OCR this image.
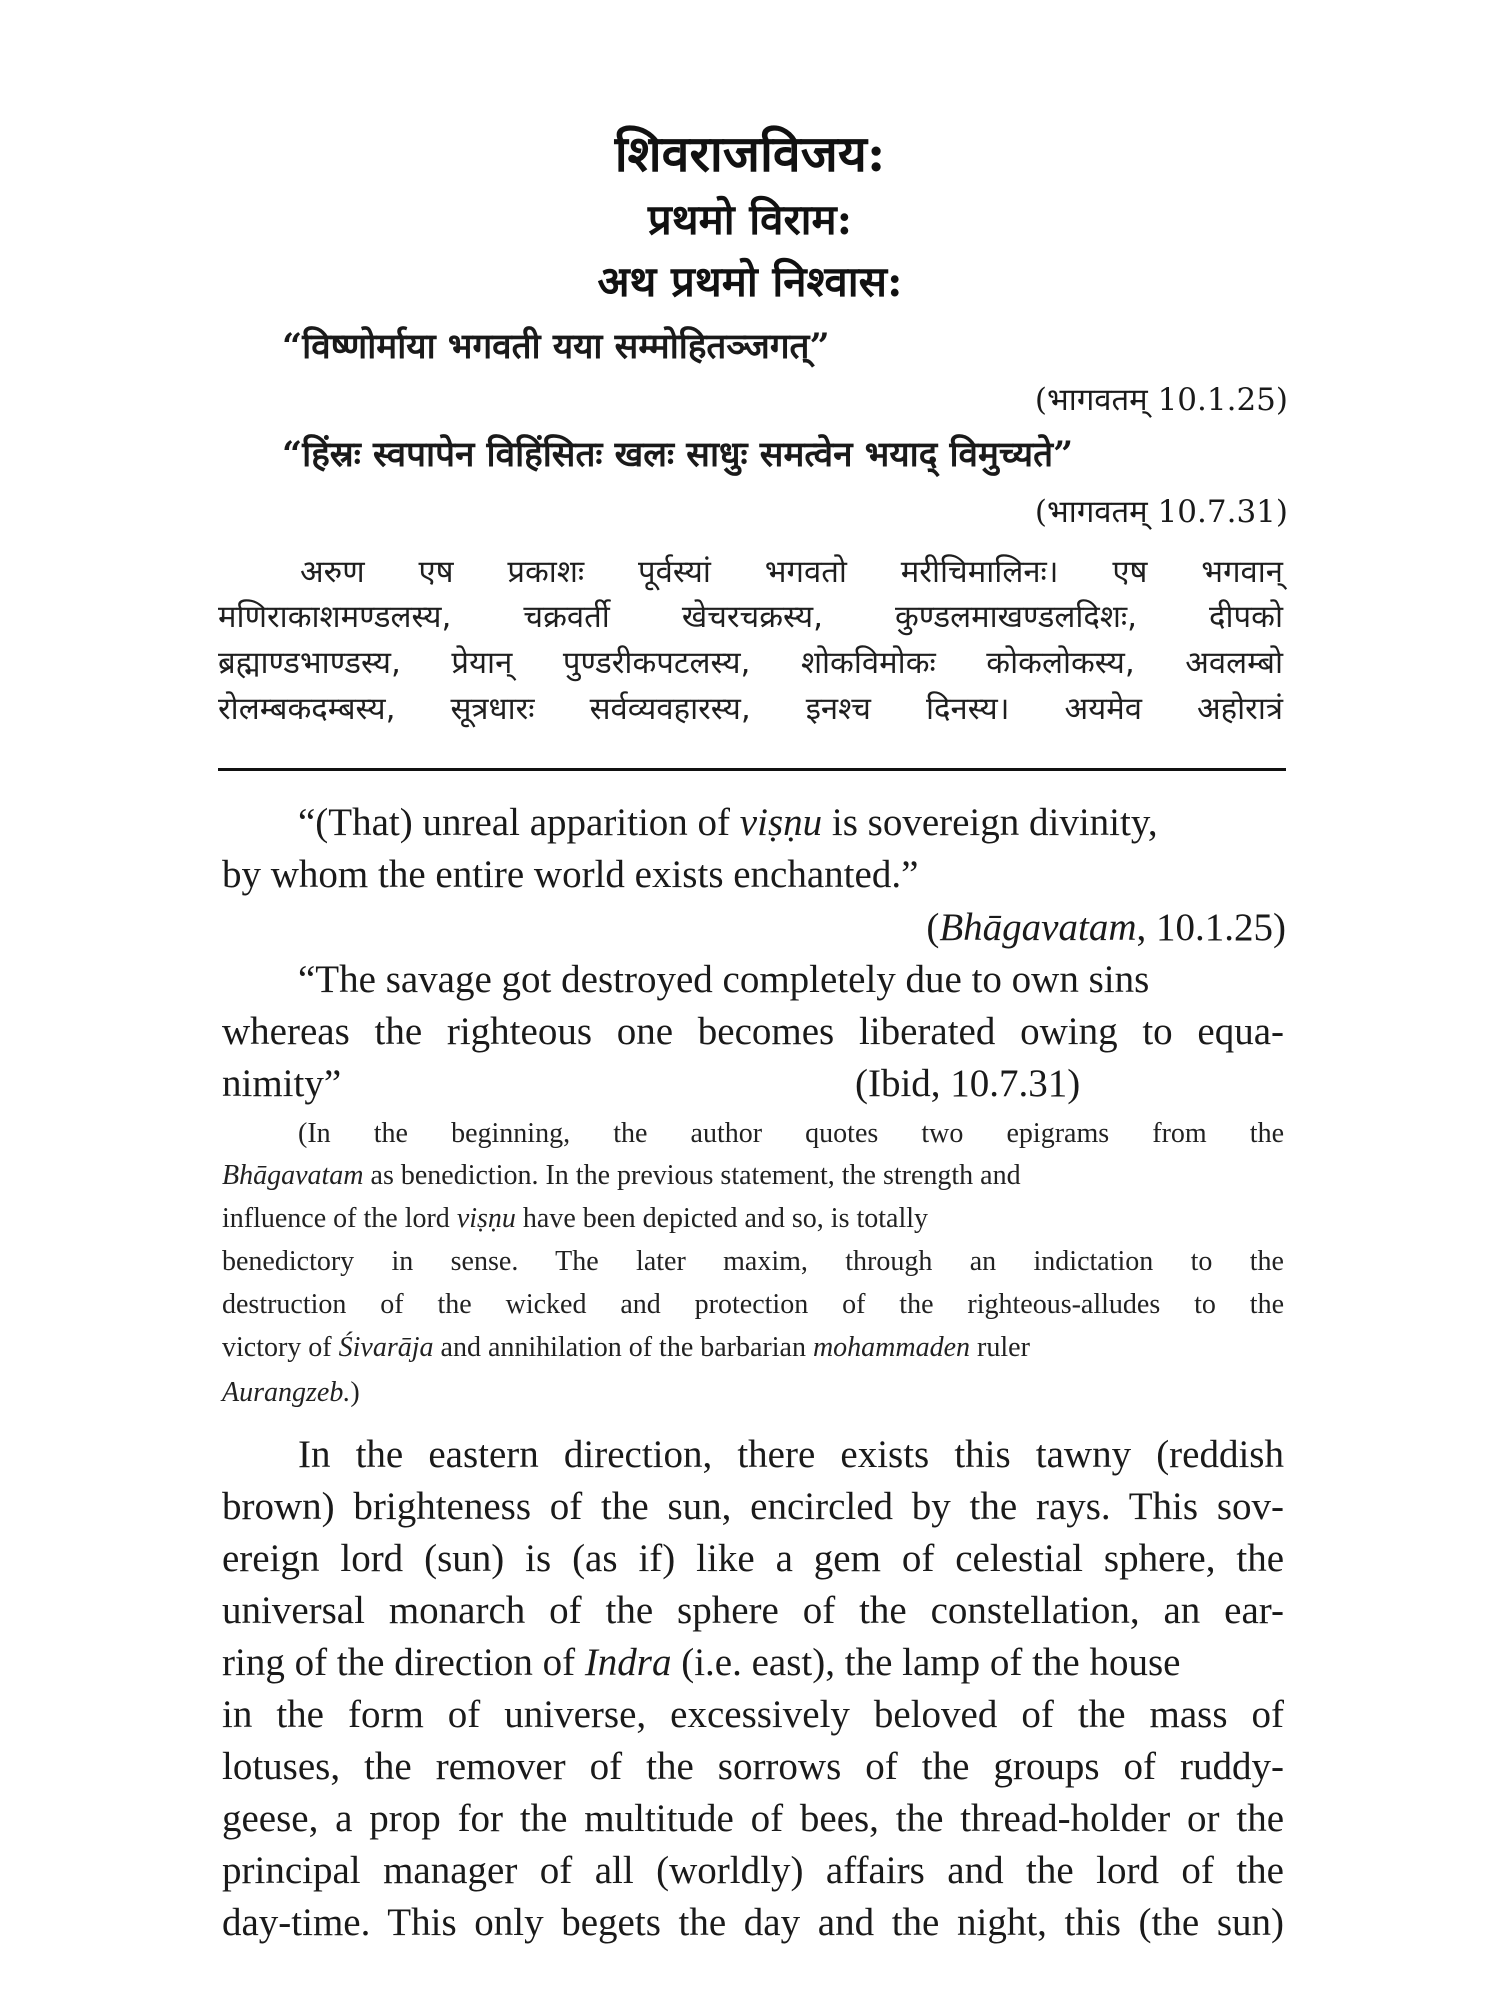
शिवराजविजय:
प्रथमो विराम:
अथ प्रथमो निश्वास:
“विष्णोर्माया भगवती यया सम्मोहितञ्जगत्”
(भागवतम् 10.1.25)
“हिंस्रः स्वपापेन विहिंसितः खलः साधुः समत्वेन भयाद् विमुच्यते”
(भागवतम् 10.7.31)
अरुण एष प्रकाशः पूर्वस्यां भगवतो मरीचिमालिनः। एष भगवान्
मणिराकाशमण्डलस्य, चक्रवर्ती खेचरचक्रस्य, कुण्डलमाखण्डलदिशः, दीपको
ब्रह्माण्डभाण्डस्य, प्रेयान् पुण्डरीकपटलस्य, शोकविमोकः कोकलोकस्य, अवलम्बो
रोलम्बकदम्बस्य, सूत्रधारः सर्वव्यवहारस्य, इनश्च दिनस्य। अयमेव अहोरात्रं
“(That) unreal apparition of viṣṇu is sovereign divinity,
by whom the entire world exists enchanted.”
(Bhāgavatam, 10.1.25)
“The savage got destroyed completely due to own sins
whereas the righteous one becomes liberated owing to equa-
nimity”	(Ibid, 10.7.31)
(In the beginning, the author quotes two epigrams from the
Bhāgavatam as benediction. In the previous statement, the strength and
influence of the lord viṣṇu have been depicted and so, is totally
benedictory in sense. The later maxim, through an indictation to the
destruction of the wicked and protection of the righteous-alludes to the
victory of Śivarāja and annihilation of the barbarian mohammaden ruler
Aurangzeb.)
In the eastern direction, there exists this tawny (reddish
brown) brighteness of the sun, encircled by the rays. This sov-
ereign lord (sun) is (as if) like a gem of celestial sphere, the
universal monarch of the sphere of the constellation, an ear-
ring of the direction of Indra (i.e. east), the lamp of the house
in the form of universe, excessively beloved of the mass of
lotuses, the remover of the sorrows of the groups of ruddy-
geese, a prop for the multitude of bees, the thread-holder or the
principal manager of all (worldly) affairs and the lord of the
day-time. This only begets the day and the night, this (the sun)
